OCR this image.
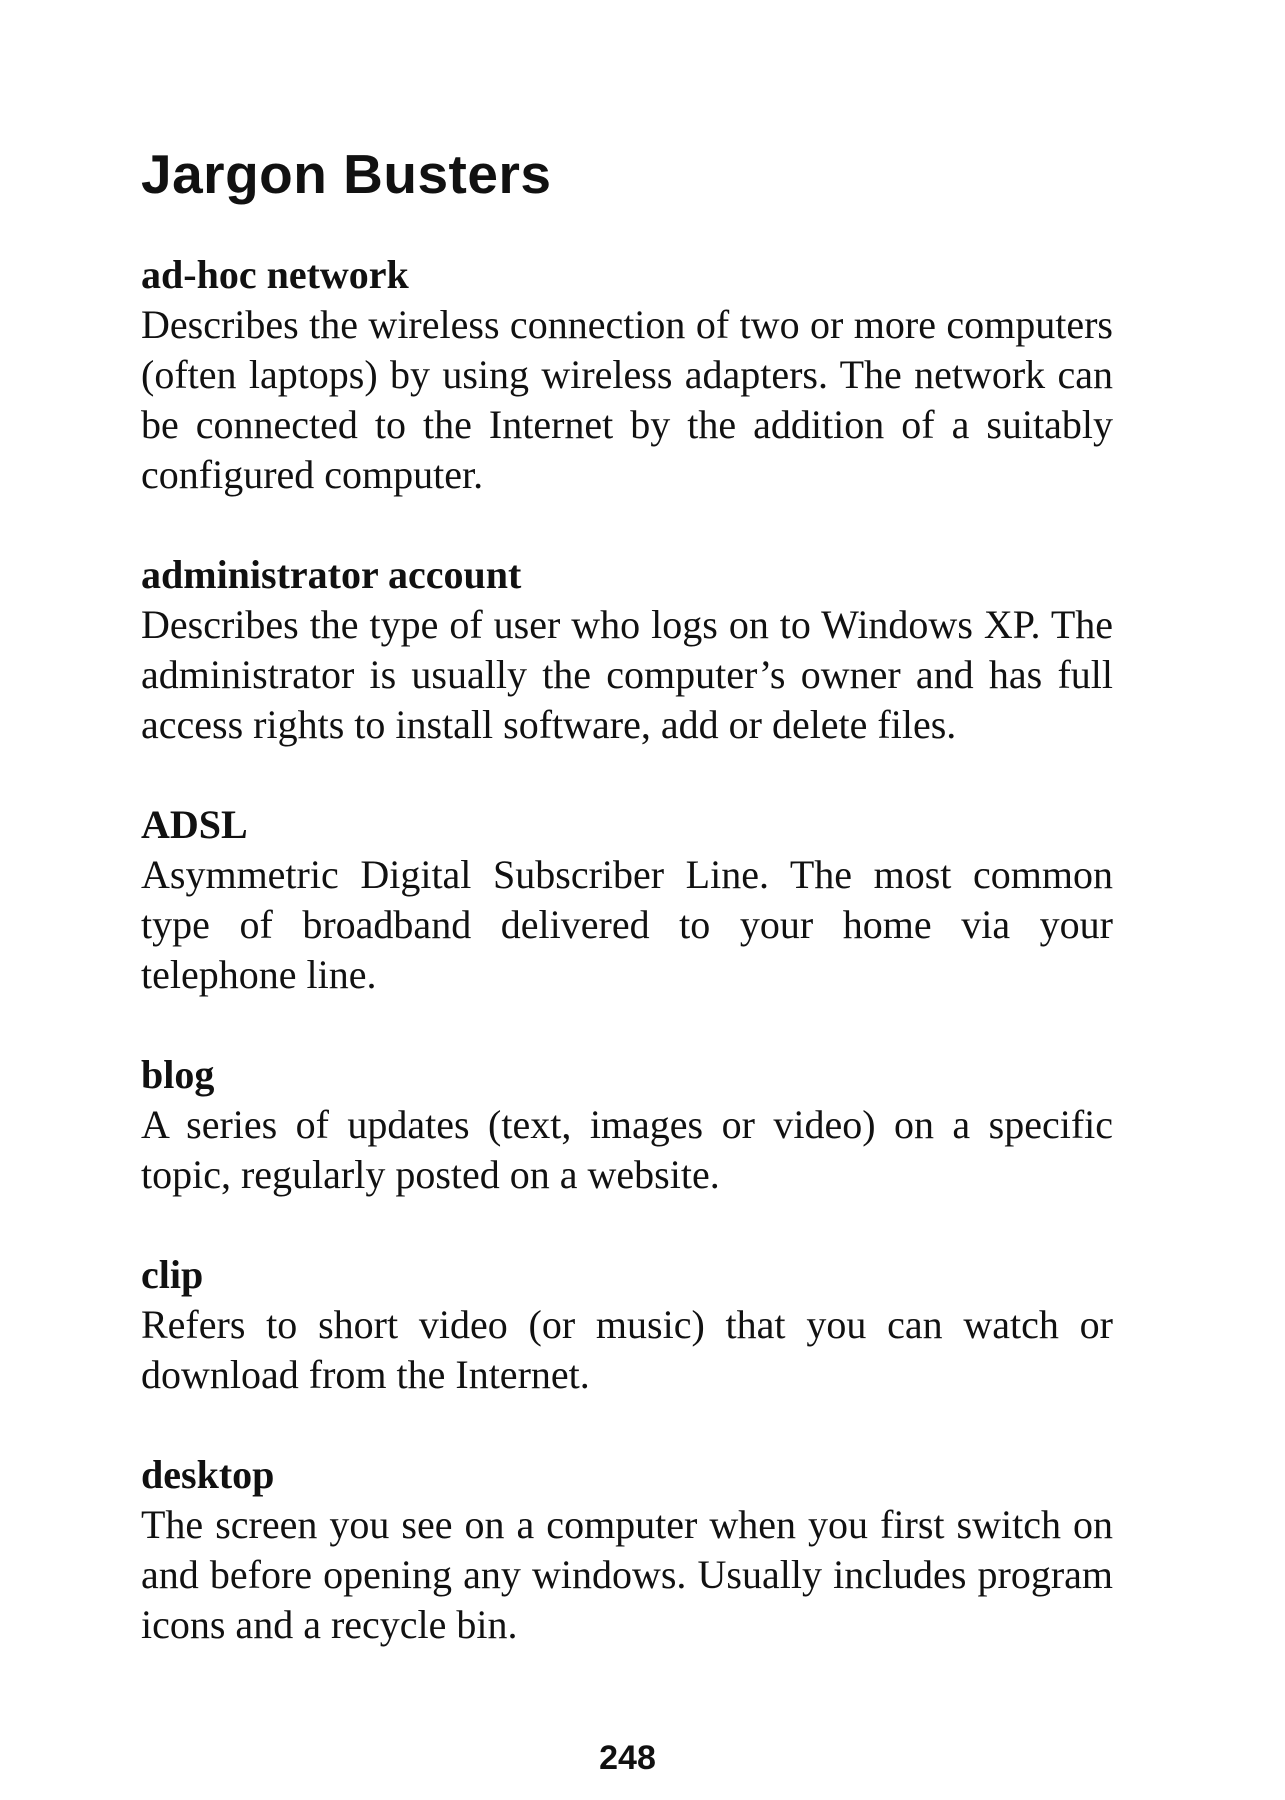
Jargon Busters
ad-hoc network
Describes the wireless connection of two or more computers (often laptops) by using wireless adapters. The network can be connected to the Internet by the addition of a suitably configured computer.
administrator account
Describes the type of user who logs on to Windows XP. The administrator is usually the computer’s owner and has full access rights to install software, add or delete files.
ADSL
Asymmetric Digital Subscriber Line. The most common type of broadband delivered to your home via your telephone line.
blog
A series of updates (text, images or video) on a specific topic, regularly posted on a website.
clip
Refers to short video (or music) that you can watch or download from the Internet.
desktop
The screen you see on a computer when you first switch on and before opening any windows. Usually includes program icons and a recycle bin.
248
